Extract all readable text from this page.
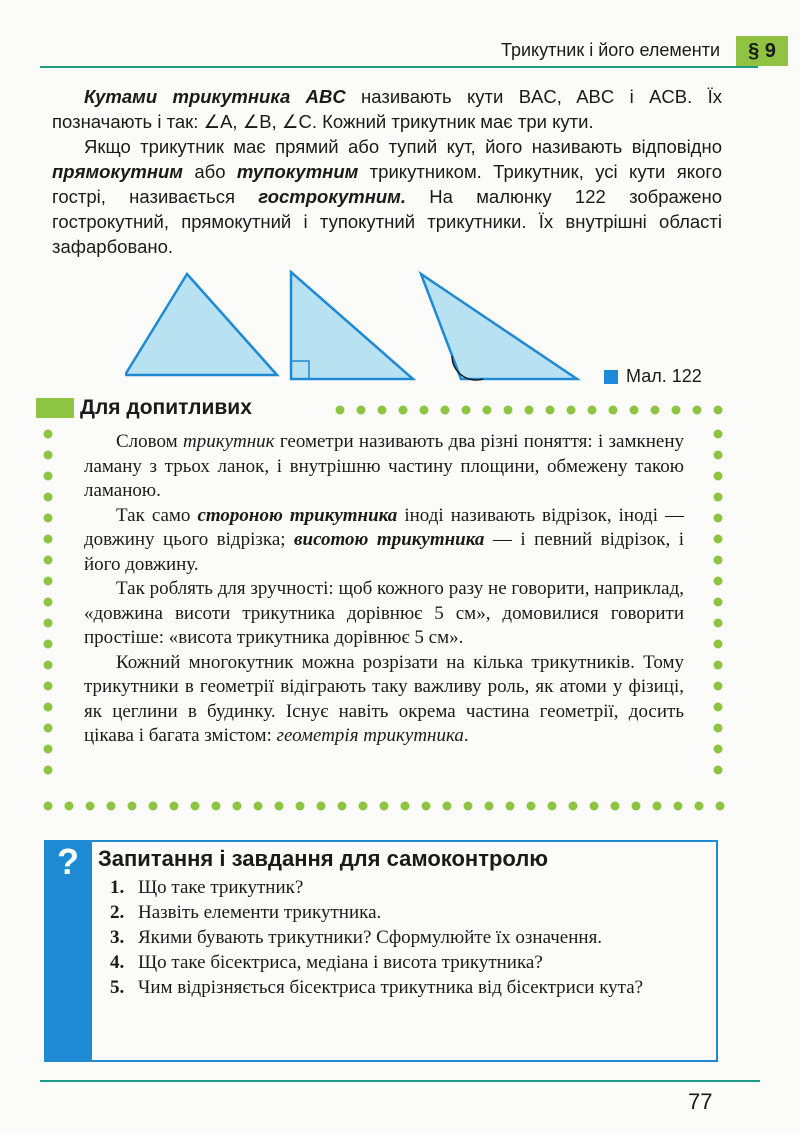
Трикутник і його елементи	§ 9

Кутами трикутника ABC називають кути BAC, ABC і ACB. Їх позначають і так: ∠A, ∠B, ∠C. Кожний трикутник має три кути.

Якщо трикутник має прямий або тупий кут, його називають відповідно прямокутним або тупокутним трикутником. Трикутник, усі кути якого гострі, називається гострокутним. На малюнку 122 зображено гострокутний, прямокутний і тупокутний трикутники. Їх внутрішні області зафарбовано.

Мал. 122
Для допитливих

Словом трикутник геометри називають два різні поняття: і замкнену ламану з трьох ланок, і внутрішню частину площини, обмежену такою ламаною.

Так само стороною трикутника іноді називають відрізок, іноді — довжину цього відрізка; висотою трикутника — і певний відрізок, і його довжину.

Так роблять для зручності: щоб кожного разу не говорити, наприклад, «довжина висоти трикутника дорівнює 5 см», домовилися говорити простіше: «висота трикутника дорівнює 5 см».

Кожний многокутник можна розрізати на кілька трикутників. Тому трикутники в геометрії відіграють таку важливу роль, як атоми у фізиці, як цеглини в будинку. Існує навіть окрема частина геометрії, досить цікава і багата змістом: геометрія трикутника.

? Запитання і завдання для самоконтролю
1. Що таке трикутник?
2. Назвіть елементи трикутника.
3. Якими бувають трикутники? Сформулюйте їх означення.
4. Що таке бісектриса, медіана і висота трикутника?
5. Чим відрізняється бісектриса трикутника від бісектриси кута?
77
